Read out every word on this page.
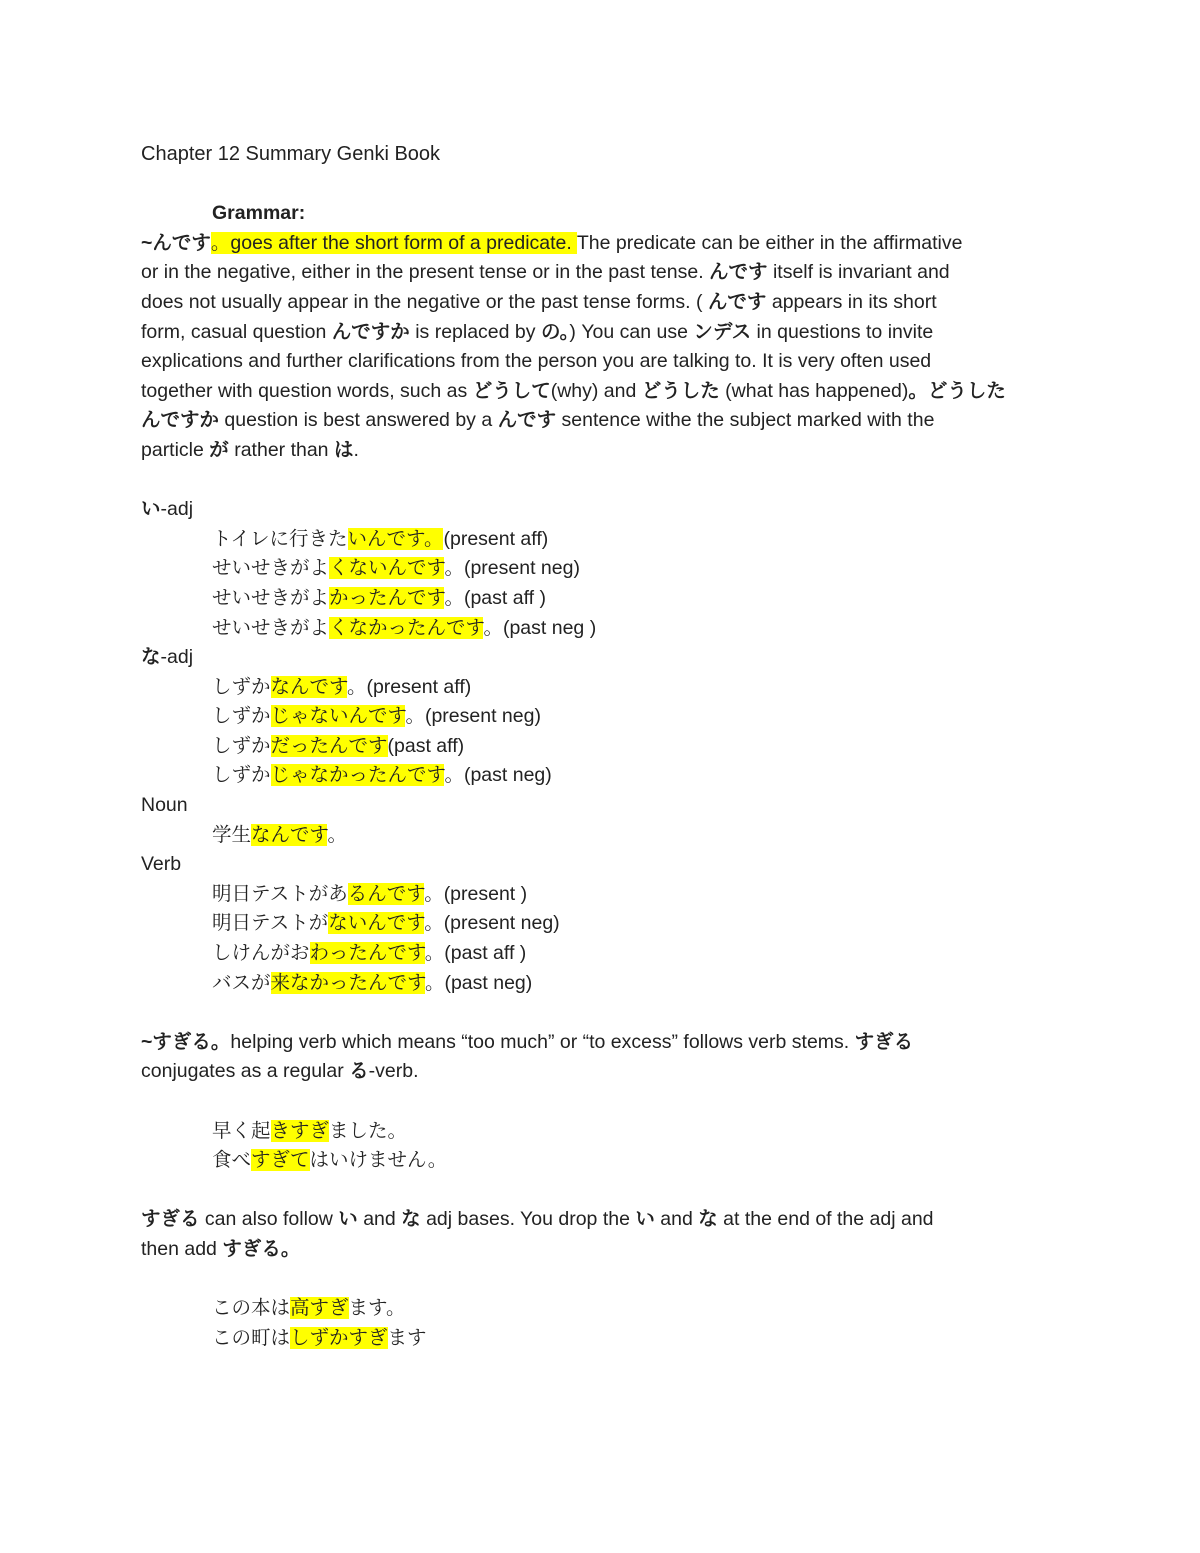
Chapter 12 Summary Genki Book
Grammar:
~んです。goes after the short form of a predicate. The predicate can be either in the affirmative
or in the negative, either in the present tense or in the past tense. んです itself is invariant and
does not usually appear in the negative or the past tense forms. ( んです appears in its short
form, casual question んですか is replaced by の。) You can use ンデス in questions to invite
explications and further clarifications from the person you are talking to. It is very often used
together with question words, such as どうして(why) and どうした (what has happened)。どうした
んですか question is best answered by a んです sentence withe the subject marked with the
particle が rather than は.
い-adj
トイレに行きたいんです。(present aff)
せいせきがよくないんです。(present neg)
せいせきがよかったんです。(past aff )
せいせきがよくなかったんです。(past neg )
な-adj
しずかなんです。(present aff)
しずかじゃないんです。(present neg)
しずかだったんです(past aff)
しずかじゃなかったんです。(past neg)
Noun
学生なんです。
Verb
明日テストがあるんです。(present )
明日テストがないんです。(present neg)
しけんがおわったんです。(past aff )
バスが来なかったんです。(past neg)
~すぎる。helping verb which means “too much” or “to excess” follows verb stems. すぎる
conjugates as a regular る-verb.
早く起きすぎました。
食べすぎてはいけません。
すぎる can also follow い and な adj bases. You drop the い and な at the end of the adj and
then add すぎる。
この本は高すぎます。
この町はしずかすぎます
